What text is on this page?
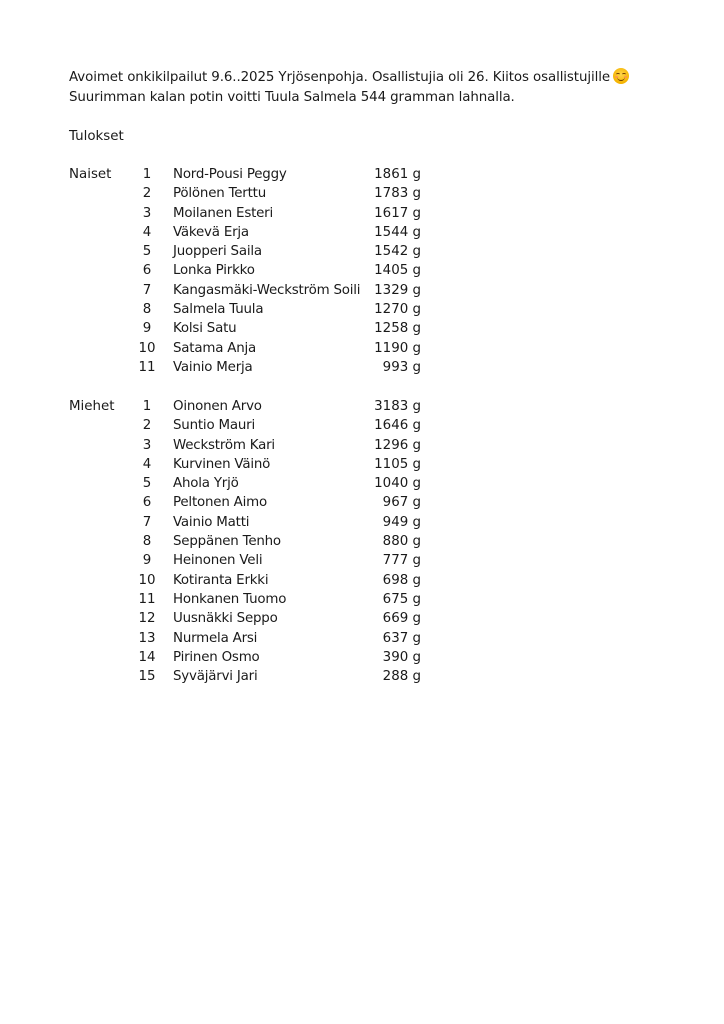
Avoimet onkikilpailut 9.6..2025 Yrjösenpohja. Osallistujia oli 26. Kiitos osallistujille
Suurimman kalan potin voitti Tuula Salmela 544 gramman lahnalla.
Tulokset
Naiset	1	Nord-Pousi Peggy	1861 g
2	Pölönen Terttu	1783 g
3	Moilanen Esteri	1617 g
4	Väkevä Erja	1544 g
5	Juopperi Saila	1542 g
6	Lonka Pirkko	1405 g
7	Kangasmäki-Weckström Soili	1329 g
8	Salmela Tuula	1270 g
9	Kolsi Satu	1258 g
10 Satama Anja	1190 g
11 Vainio Merja	993 g
Miehet	1	Oinonen Arvo	3183 g
2	Suntio Mauri	1646 g
3	Weckström Kari	1296 g
4	Kurvinen Väinö	1105 g
5	Ahola Yrjö	1040 g
6	Peltonen Aimo	967 g
7	Vainio Matti	949 g
8	Seppänen Tenho	880 g
9	Heinonen Veli	777 g
10 Kotiranta Erkki	698 g
11 Honkanen Tuomo	675 g
12 Uusnäkki Seppo	669 g
13 Nurmela Arsi	637 g
14 Pirinen Osmo	390 g
15 Syväjärvi Jari	288 g
